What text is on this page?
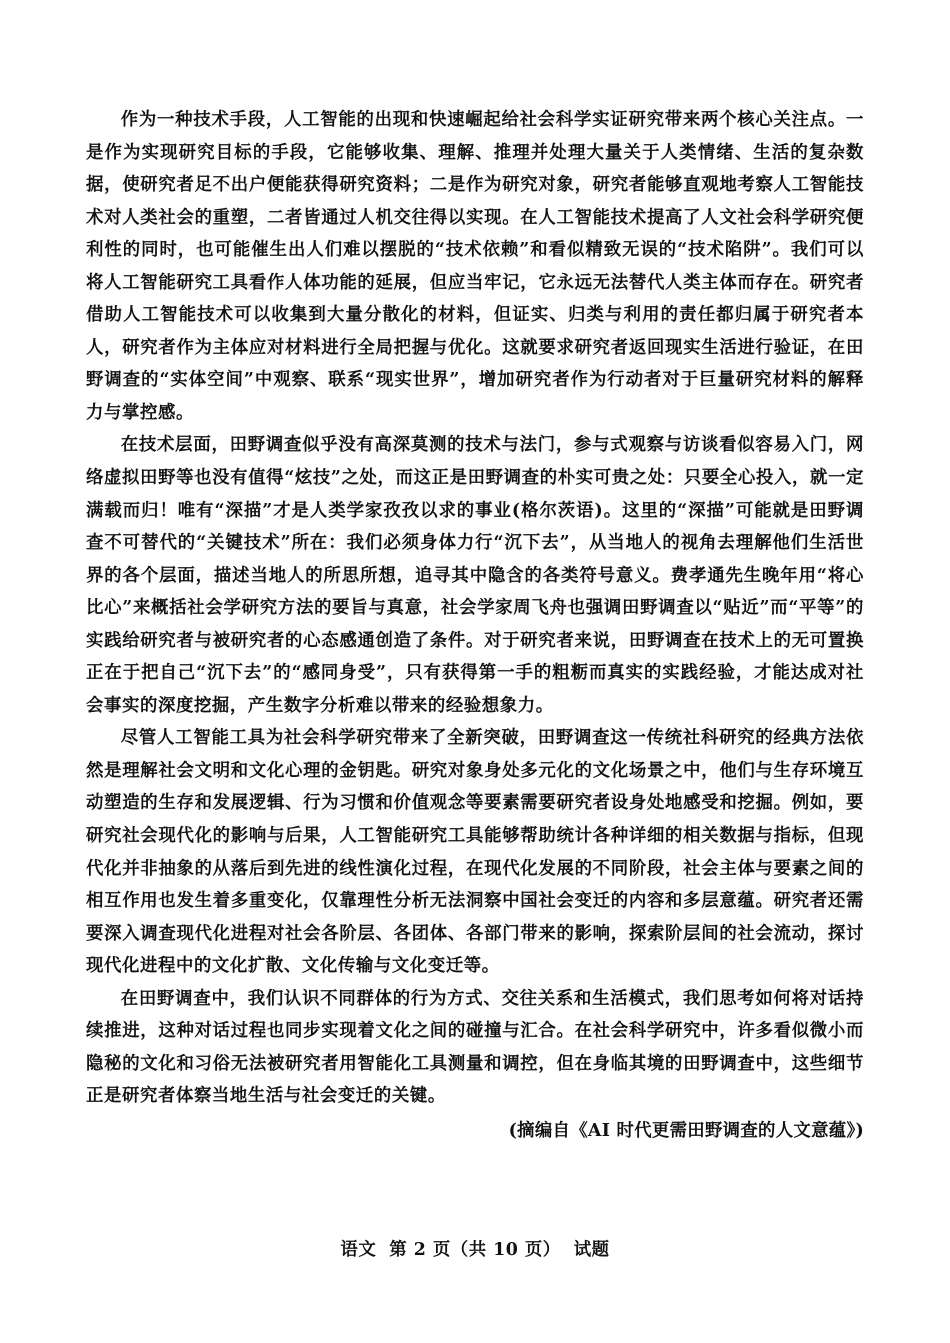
作为一种技术手段，人工智能的出现和快速崛起给社会科学实证研究带来两个核心关注点。一是作为实现研究目标的手段，它能够收集、理解、推理并处理大量关于人类情绪、生活的复杂数据，使研究者足不出户便能获得研究资料；二是作为研究对象，研究者能够直观地考察人工智能技术对人类社会的重塑，二者皆通过人机交往得以实现。在人工智能技术提高了人文社会科学研究便利性的同时，也可能催生出人们难以摆脱的“技术依赖”和看似精致无误的“技术陷阱”。我们可以将人工智能研究工具看作人体功能的延展，但应当牢记，它永远无法替代人类主体而存在。研究者借助人工智能技术可以收集到大量分散化的材料，但证实、归类与利用的责任都归属于研究者本人，研究者作为主体应对材料进行全局把握与优化。这就要求研究者返回现实生活进行验证，在田野调查的“实体空间”中观察、联系“现实世界”，增加研究者作为行动者对于巨量研究材料的解释力与掌控感。

在技术层面，田野调查似乎没有高深莫测的技术与法门，参与式观察与访谈看似容易入门，网络虚拟田野等也没有值得“炫技”之处，而这正是田野调查的朴实可贵之处：只要全心投入，就一定满载而归！唯有“深描”才是人类学家孜孜以求的事业(格尔茨语)。这里的“深描”可能就是田野调查不可替代的“关键技术”所在：我们必须身体力行“沉下去”，从当地人的视角去理解他们生活世界的各个层面，描述当地人的所思所想，追寻其中隐含的各类符号意义。费孝通先生晚年用“将心比心”来概括社会学研究方法的要旨与真意，社会学家周飞舟也强调田野调查以“贴近”而“平等”的实践给研究者与被研究者的心态感通创造了条件。对于研究者来说，田野调查在技术上的无可置换正在于把自己“沉下去”的“感同身受”，只有获得第一手的粗粝而真实的实践经验，才能达成对社会事实的深度挖掘，产生数字分析难以带来的经验想象力。

尽管人工智能工具为社会科学研究带来了全新突破，田野调查这一传统社科研究的经典方法依然是理解社会文明和文化心理的金钥匙。研究对象身处多元化的文化场景之中，他们与生存环境互动塑造的生存和发展逻辑、行为习惯和价值观念等要素需要研究者设身处地感受和挖掘。例如，要研究社会现代化的影响与后果，人工智能研究工具能够帮助统计各种详细的相关数据与指标，但现代化并非抽象的从落后到先进的线性演化过程，在现代化发展的不同阶段，社会主体与要素之间的相互作用也发生着多重变化，仅靠理性分析无法洞察中国社会变迁的内容和多层意蕴。研究者还需要深入调查现代化进程对社会各阶层、各团体、各部门带来的影响，探索阶层间的社会流动，探讨现代化进程中的文化扩散、文化传输与文化变迁等。

在田野调查中，我们认识不同群体的行为方式、交往关系和生活模式，我们思考如何将对话持续推进，这种对话过程也同步实现着文化之间的碰撞与汇合。在社会科学研究中，许多看似微小而隐秘的文化和习俗无法被研究者用智能化工具测量和调控，但在身临其境的田野调查中，这些细节正是研究者体察当地生活与社会变迁的关键。

(摘编自《AI 时代更需田野调查的人文意蕴》)

语文  第 2 页（共 10 页）  试题
